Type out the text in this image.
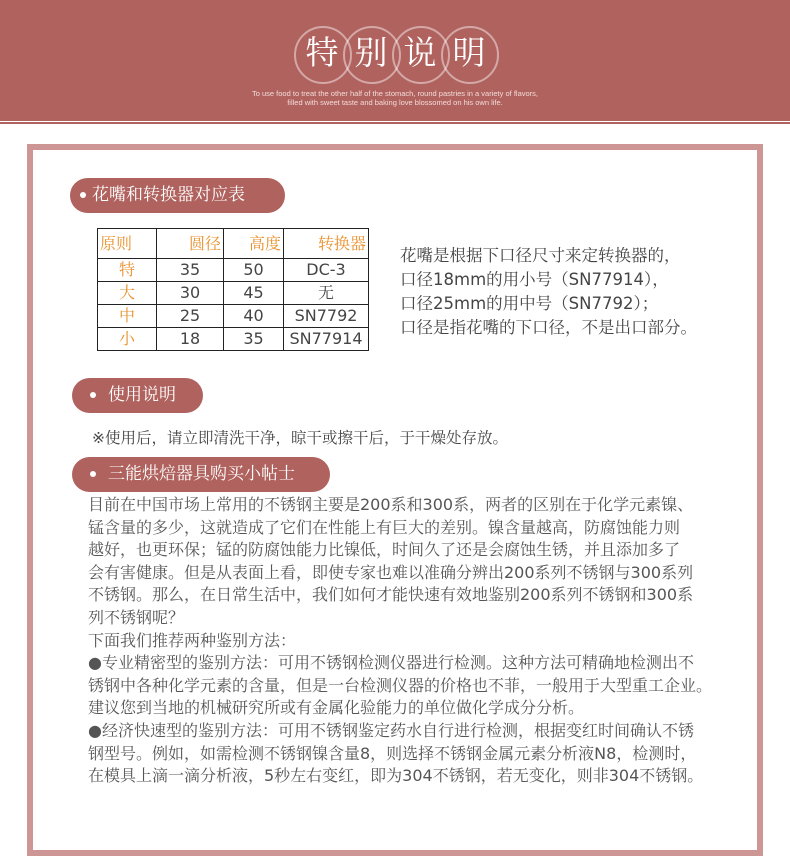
特 别 说 明
To use food to treat the other half of the stomach, round pastries in a variety of flavors,
filled with sweet taste and baking love blossomed on his own life.
花嘴和转换器对应表
原则	圆径	高度	转换器
特	35	50	DC-3
大	30	45	无
中	25	40	SN7792
小	18	35	SN77914
花嘴是根据下口径尺寸来定转换器的，
口径18mm的用小号（SN77914），
口径25mm的用中号（SN7792）；
口径是指花嘴的下口径，不是出口部分。
使用说明
※使用后，请立即清洗干净，晾干或擦干后，于干燥处存放。
三能烘焙器具购买小帖士
目前在中国市场上常用的不锈钢主要是200系和300系，两者的区别在于化学元素镍、
锰含量的多少，这就造成了它们在性能上有巨大的差别。镍含量越高，防腐蚀能力则
越好，也更环保；锰的防腐蚀能力比镍低，时间久了还是会腐蚀生锈，并且添加多了
会有害健康。但是从表面上看，即使专家也难以准确分辨出200系列不锈钢与300系列
不锈钢。那么，在日常生活中，我们如何才能快速有效地鉴别200系列不锈钢和300系
列不锈钢呢？
下面我们推荐两种鉴别方法：
●专业精密型的鉴别方法：可用不锈钢检测仪器进行检测。这种方法可精确地检测出不
锈钢中各种化学元素的含量，但是一台检测仪器的价格也不菲，一般用于大型重工企业。
建议您到当地的机械研究所或有金属化验能力的单位做化学成分分析。
●经济快速型的鉴别方法：可用不锈钢鉴定药水自行进行检测，根据变红时间确认不锈
钢型号。例如，如需检测不锈钢镍含量8，则选择不锈钢金属元素分析液N8，检测时，
在模具上滴一滴分析液，5秒左右变红，即为304不锈钢，若无变化，则非304不锈钢。
